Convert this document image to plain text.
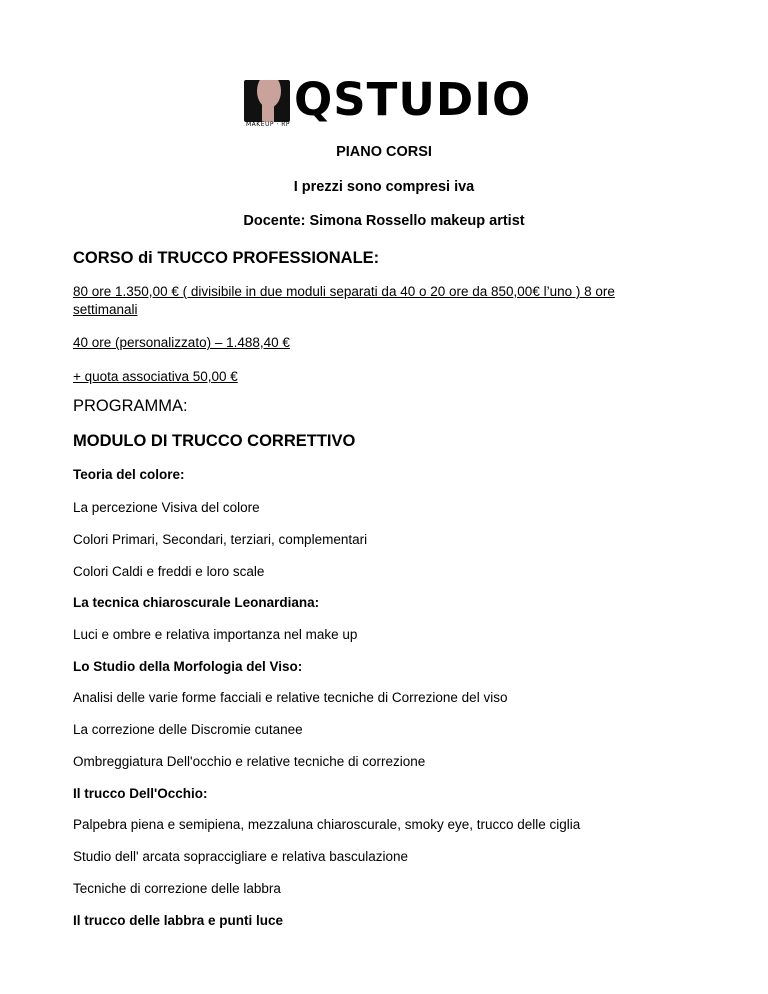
MAKEUP · RP QSTUDIO
PIANO CORSI
I prezzi sono compresi iva
Docente: Simona Rossello makeup artist
CORSO di TRUCCO PROFESSIONALE:
80 ore 1.350,00 € ( divisibile in due moduli separati da 40 o 20 ore da 850,00€ l’uno ) 8 ore
settimanali
40 ore (personalizzato) – 1.488,40 €
+ quota associativa 50,00 €
PROGRAMMA:
MODULO DI TRUCCO CORRETTIVO
Teoria del colore:
La percezione Visiva del colore
Colori Primari, Secondari, terziari, complementari
Colori Caldi e freddi e loro scale
La tecnica chiaroscurale Leonardiana:
Luci e ombre e relativa importanza nel make up
Lo Studio della Morfologia del Viso:
Analisi delle varie forme facciali e relative tecniche di Correzione del viso
La correzione delle Discromie cutanee
Ombreggiatura Dell'occhio e relative tecniche di correzione
Il trucco Dell'Occhio:
Palpebra piena e semipiena, mezzaluna chiaroscurale, smoky eye, trucco delle ciglia
Studio dell' arcata sopraccigliare e relativa basculazione
Tecniche di correzione delle labbra
Il trucco delle labbra e punti luce
